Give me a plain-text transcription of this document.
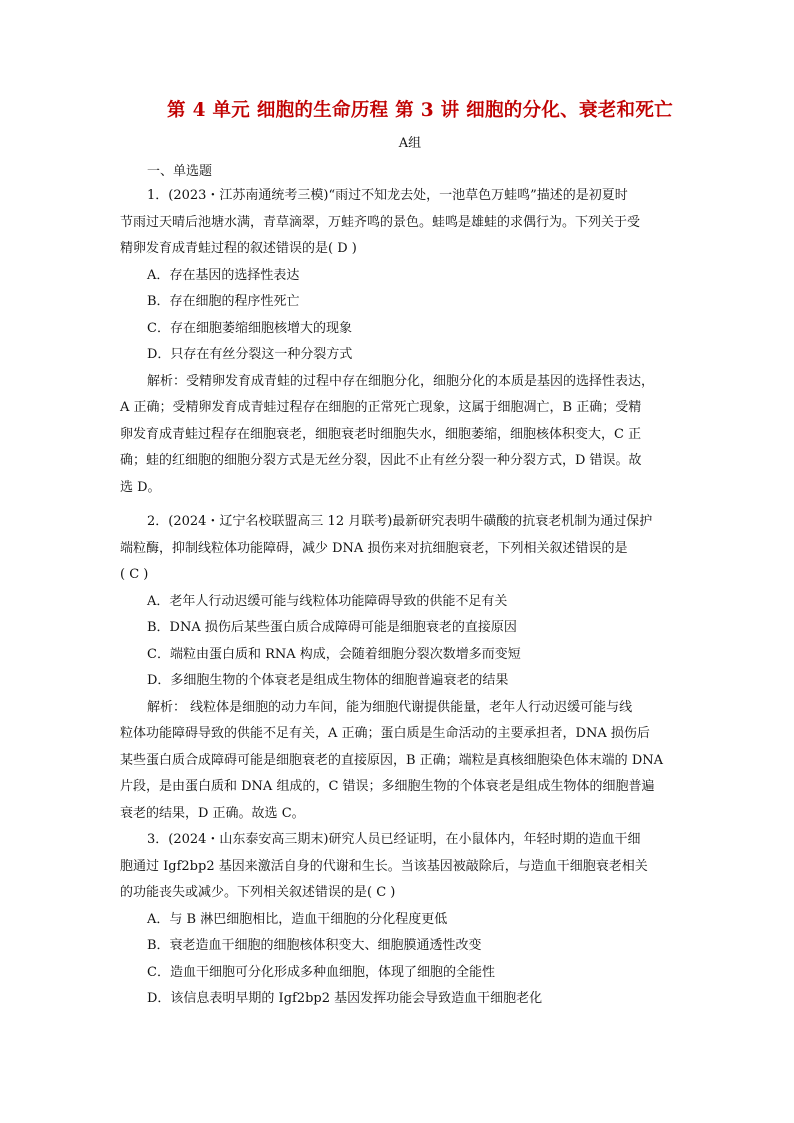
第 4 单元 细胞的生命历程 第 3 讲 细胞的分化、衰老和死亡
A组
一、单选题
1．(2023・江苏南通统考三模)“雨过不知龙去处，一池草色万蛙鸣”描述的是初夏时
节雨过天晴后池塘水满，青草滴翠，万蛙齐鸣的景色。蛙鸣是雄蛙的求偶行为。下列关于受
精卵发育成青蛙过程的叙述错误的是( D )
A．存在基因的选择性表达
B．存在细胞的程序性死亡
C．存在细胞萎缩细胞核增大的现象
D．只存在有丝分裂这一种分裂方式
解析：受精卵发育成青蛙的过程中存在细胞分化，细胞分化的本质是基因的选择性表达，
A 正确；受精卵发育成青蛙过程存在细胞的正常死亡现象，这属于细胞凋亡，B 正确；受精
卵发育成青蛙过程存在细胞衰老，细胞衰老时细胞失水，细胞萎缩，细胞核体积变大，C 正
确；蛙的红细胞的细胞分裂方式是无丝分裂，因此不止有丝分裂一种分裂方式，D 错误。故
选 D。
2．(2024・辽宁名校联盟高三 12 月联考)最新研究表明牛磺酸的抗衰老机制为通过保护
端粒酶，抑制线粒体功能障碍，减少 DNA 损伤来对抗细胞衰老，下列相关叙述错误的是
( C )
A．老年人行动迟缓可能与线粒体功能障碍导致的供能不足有关
B．DNA 损伤后某些蛋白质合成障碍可能是细胞衰老的直接原因
C．端粒由蛋白质和 RNA 构成，会随着细胞分裂次数增多而变短
D．多细胞生物的个体衰老是组成生物体的细胞普遍衰老的结果
解析： 线粒体是细胞的动力车间，能为细胞代谢提供能量，老年人行动迟缓可能与线
粒体功能障碍导致的供能不足有关，A 正确；蛋白质是生命活动的主要承担者，DNA 损伤后
某些蛋白质合成障碍可能是细胞衰老的直接原因，B 正确；端粒是真核细胞染色体末端的 DNA
片段，是由蛋白质和 DNA 组成的，C 错误；多细胞生物的个体衰老是组成生物体的细胞普遍
衰老的结果，D 正确。故选 C。
3．(2024・山东泰安高三期末)研究人员已经证明，在小鼠体内，年轻时期的造血干细
胞通过 Igf2bp2 基因来激活自身的代谢和生长。当该基因被敲除后，与造血干细胞衰老相关
的功能丧失或减少。下列相关叙述错误的是( C )
A．与 B 淋巴细胞相比，造血干细胞的分化程度更低
B．衰老造血干细胞的细胞核体积变大、细胞膜通透性改变
C．造血干细胞可分化形成多种血细胞，体现了细胞的全能性
D．该信息表明早期的 Igf2bp2 基因发挥功能会导致造血干细胞老化
